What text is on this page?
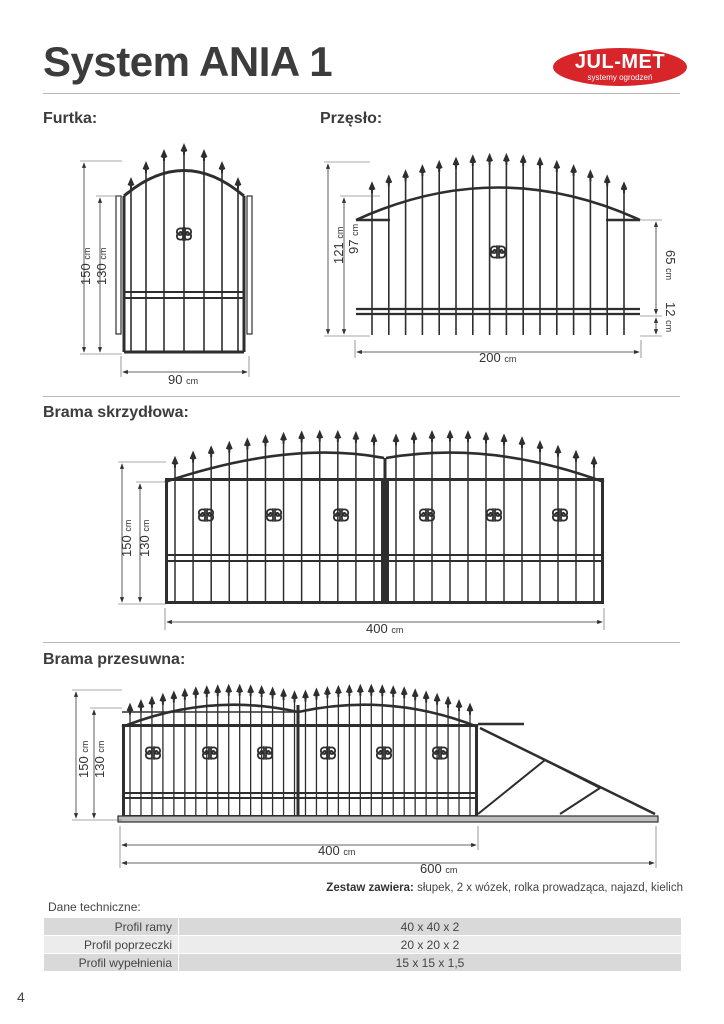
System ANIA 1	JUL-MET
systemy ogrodzeń
Furtka:	Przęsło:
Brama skrzydłowa:
Brama przesuwna:
150 cm
130 cm
90 cm
121 cm
97 cm
65 cm
12 cm
200 cm
150 cm
130 cm
400 cm
150 cm
130 cm
400 cm
600 cm
Zestaw zawiera: słupek, 2 x wózek, rolka prowadząca, najazd, kielich
Dane techniczne:
Profil ramy	40 x 40 x 2
Profil poprzeczki	20 x 20 x 2
Profil wypełnienia	15 x 15 x 1,5
4
